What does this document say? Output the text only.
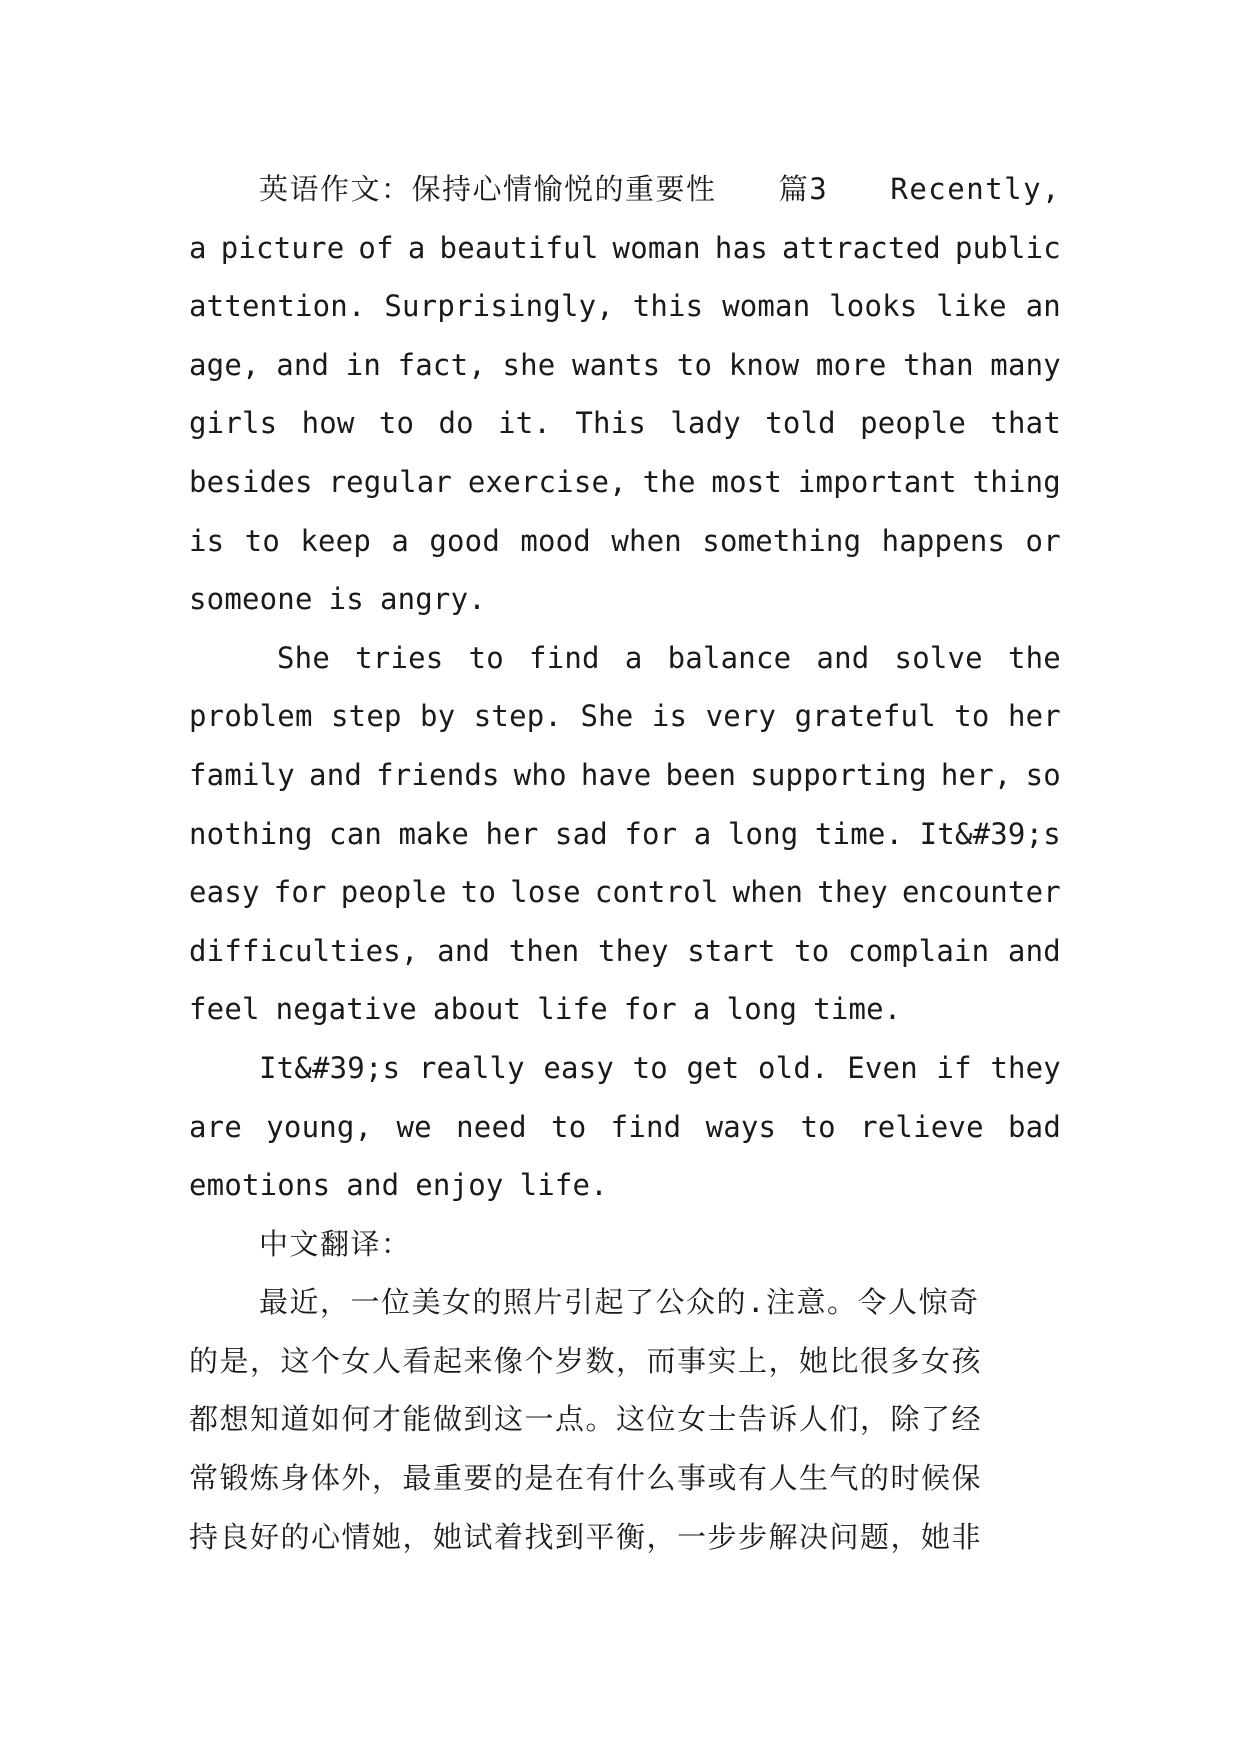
英语作文：保持心情愉悦的重要性 篇3 Recently,
a picture of a beautiful woman has attracted public
attention. Surprisingly, this woman looks like an
age, and in fact, she wants to know more than many
girls how to do it. This lady told people that
besides regular exercise, the most important thing
is to keep a good mood when something happens or
someone is angry.
She tries to find a balance and solve the
problem step by step. She is very grateful to her
family and friends who have been supporting her, so
nothing can make her sad for a long time. It&#39;s
easy for people to lose control when they encounter
difficulties, and then they start to complain and
feel negative about life for a long time.
It&#39;s really easy to get old. Even if they
are young, we need to find ways to relieve bad
emotions and enjoy life.
中文翻译：
最近，一位美女的照片引起了公众的.注意。令人惊奇
的是，这个女人看起来像个岁数，而事实上，她比很多女孩
都想知道如何才能做到这一点。这位女士告诉人们，除了经
常锻炼身体外，最重要的是在有什么事或有人生气的时候保
持良好的心情她，她试着找到平衡，一步步解决问题，她非
